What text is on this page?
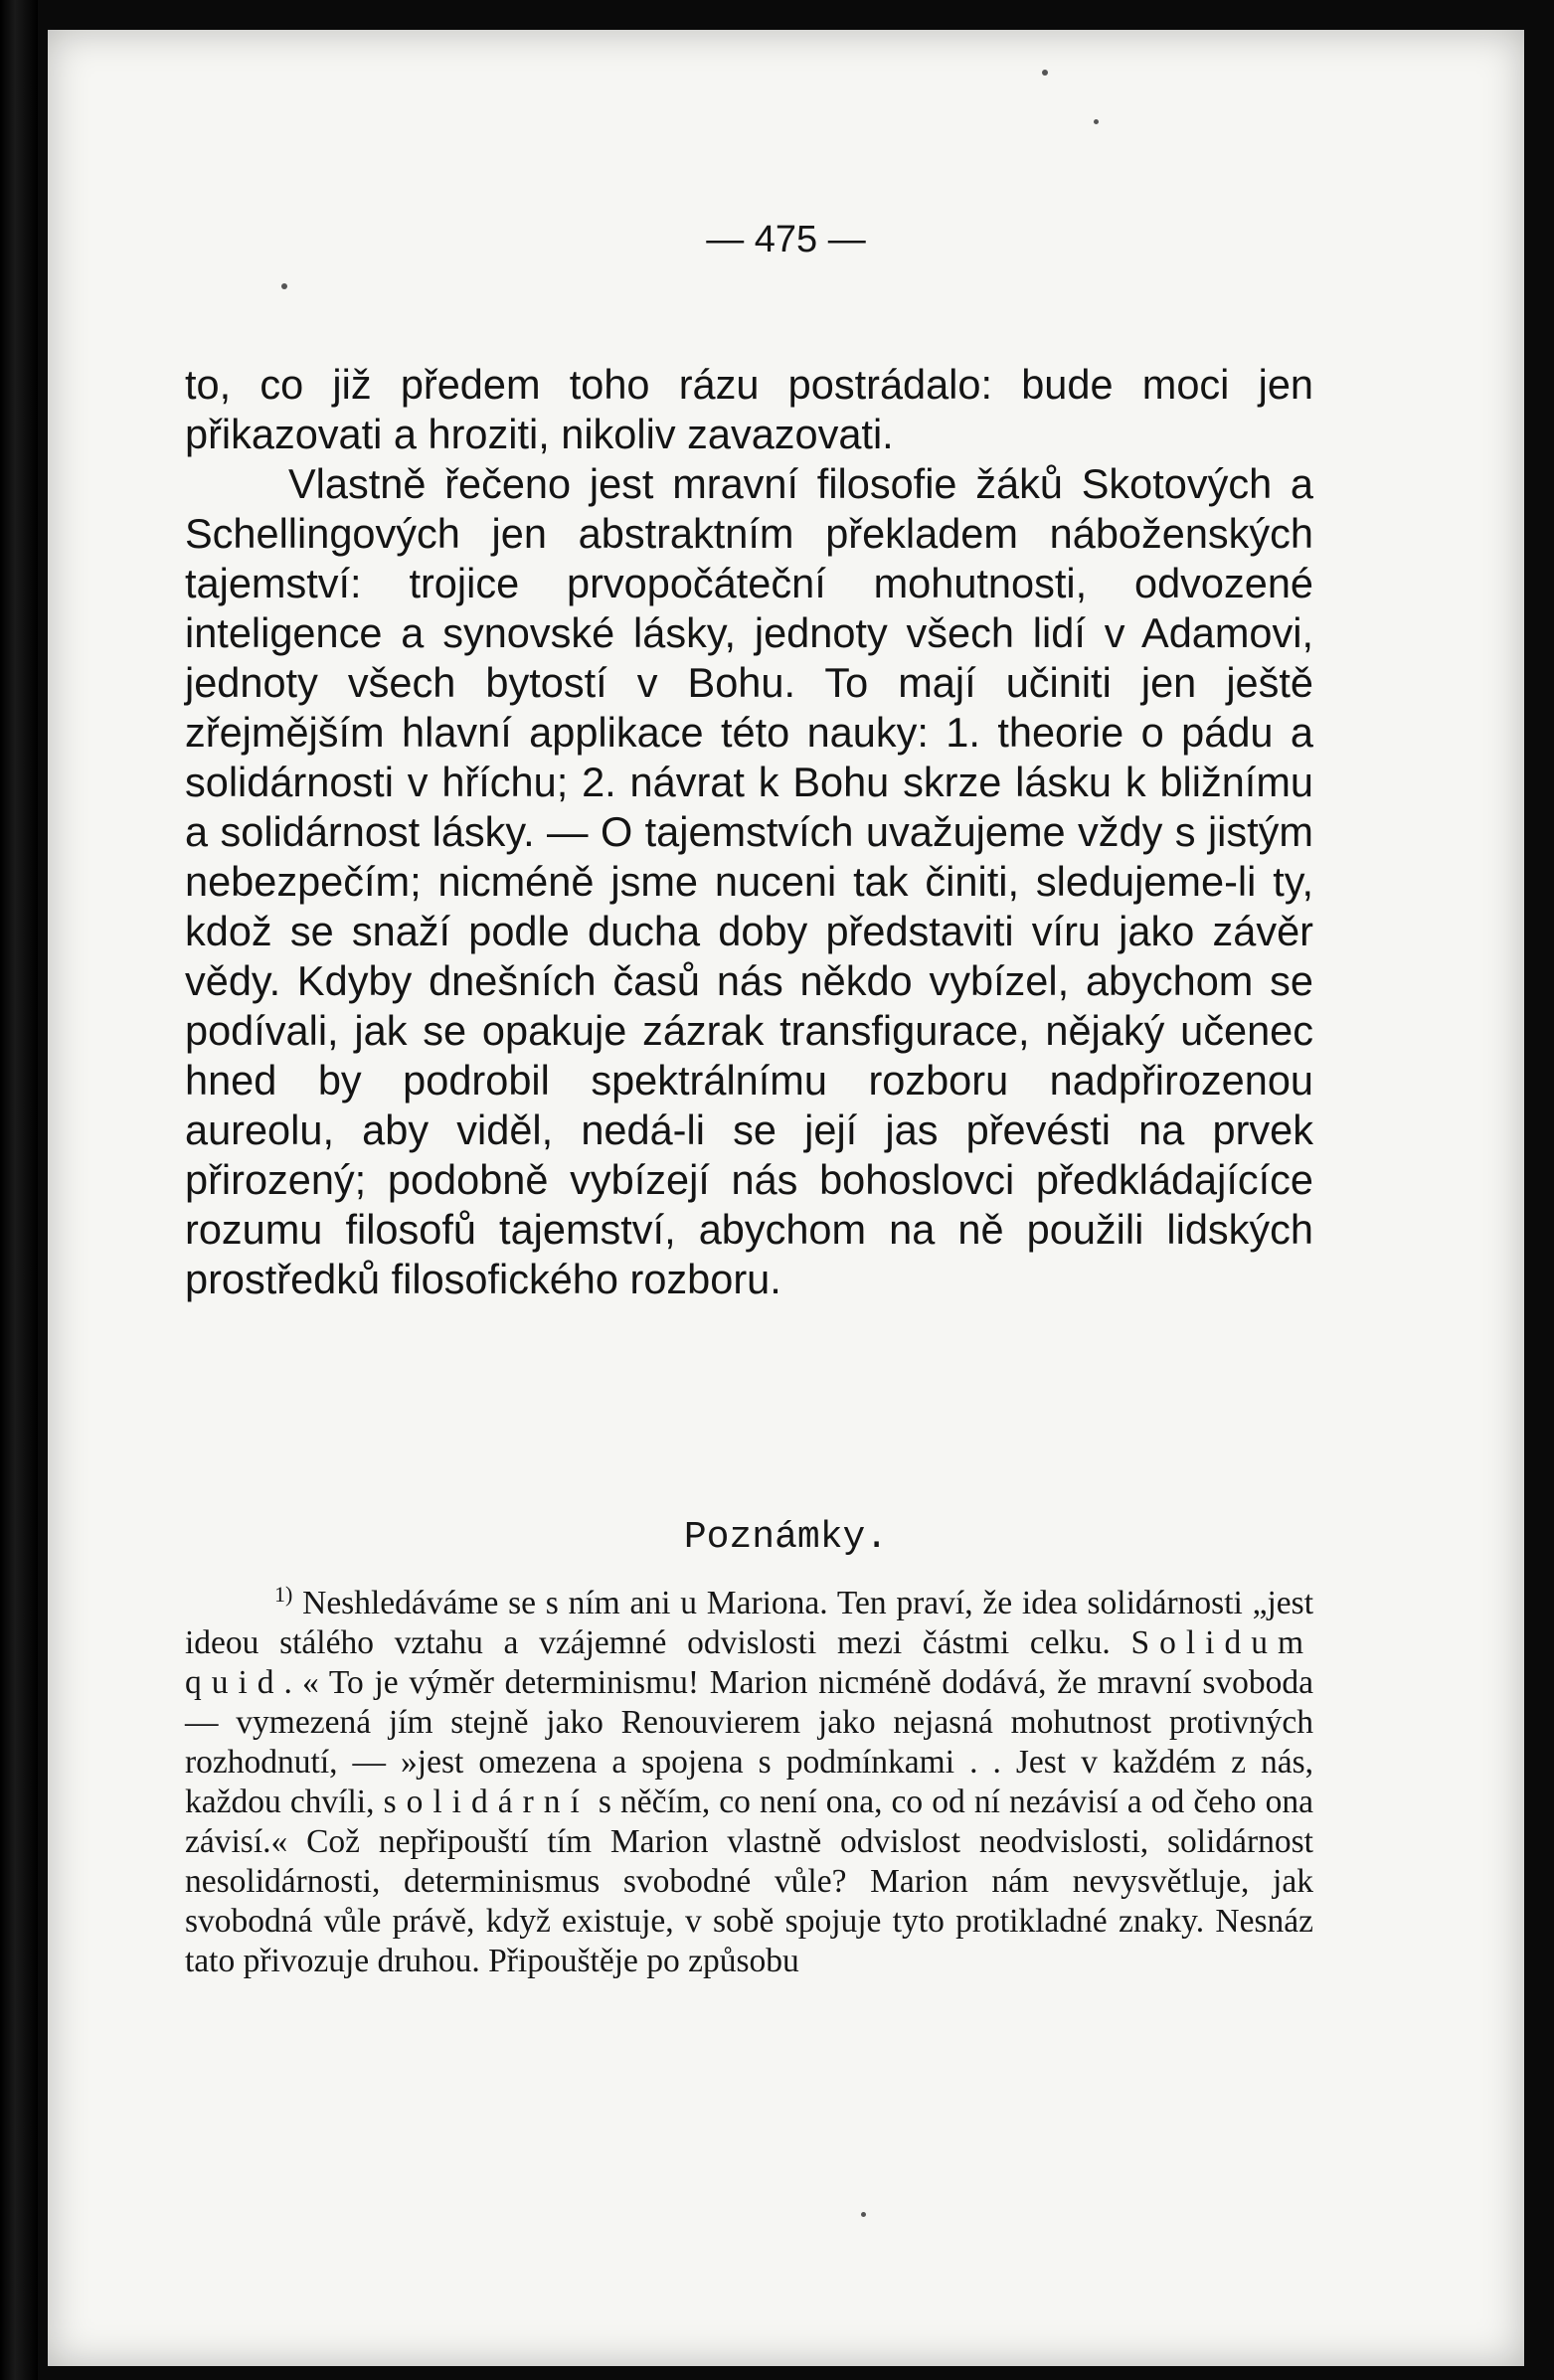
— 475 —

to, co již předem toho rázu postrádalo: bude moci jen přikazovati a hroziti, nikoliv zavazovati.

Vlastně řečeno jest mravní filosofie žáků Skotových a Schellingových jen abstraktním překladem náboženských tajemství: trojice prvopočáteční mohutnosti, odvozené inteligence a synovské lásky, jednoty všech lidí v Adamovi, jednoty všech bytostí v Bohu. To mají učiniti jen ještě zřejmějším hlavní applikace této nauky: 1. theorie o pádu a solidárnosti v hříchu; 2. návrat k Bohu skrze lásku k bližnímu a solidárnost lásky. — O tajemstvích uvažujeme vždy s jistým nebezpečím; nicméně jsme nuceni tak činiti, sledujeme-li ty, kdož se snaží podle ducha doby představiti víru jako závěr vědy. Kdyby dnešních časů nás někdo vybízel, abychom se podívali, jak se opakuje zázrak transfigurace, nějaký učenec hned by podrobil spektrálnímu rozboru nadpřirozenou aureolu, aby viděl, nedá-li se její jas převésti na prvek přirozený; podobně vybízejí nás bohoslovci předkládajícíce rozumu filosofů tajemství, abychom na ně použili lidských prostředků filosofického rozboru.

Poznámky.

$^{1)}$ Neshledáváme se s ním ani u Mariona. Ten praví, že idea solidárnosti „jest ideou stálého vztahu a vzájemné odvislosti mezi částmi celku. Solidum quid.« To je výměr determinismu! Marion nicméně dodává, že mravní svoboda — vymezená jím stejně jako Renouvierem jako nejasná mohutnost protivných rozhodnutí, — »jest omezena a spojena s podmínkami . . Jest v každém z nás, každou chvíli, solidární s něčím, co není ona, co od ní nezávisí a od čeho ona závisí.« Což nepřipouští tím Marion vlastně odvislost neodvislosti, solidárnost nesolidárnosti, determinismus svobodné vůle? Marion nám nevysvětluje, jak svobodná vůle právě, když existuje, v sobě spojuje tyto protikladné znaky. Nesnáz tato přivozuje druhou. Připouštěje po způsobu
